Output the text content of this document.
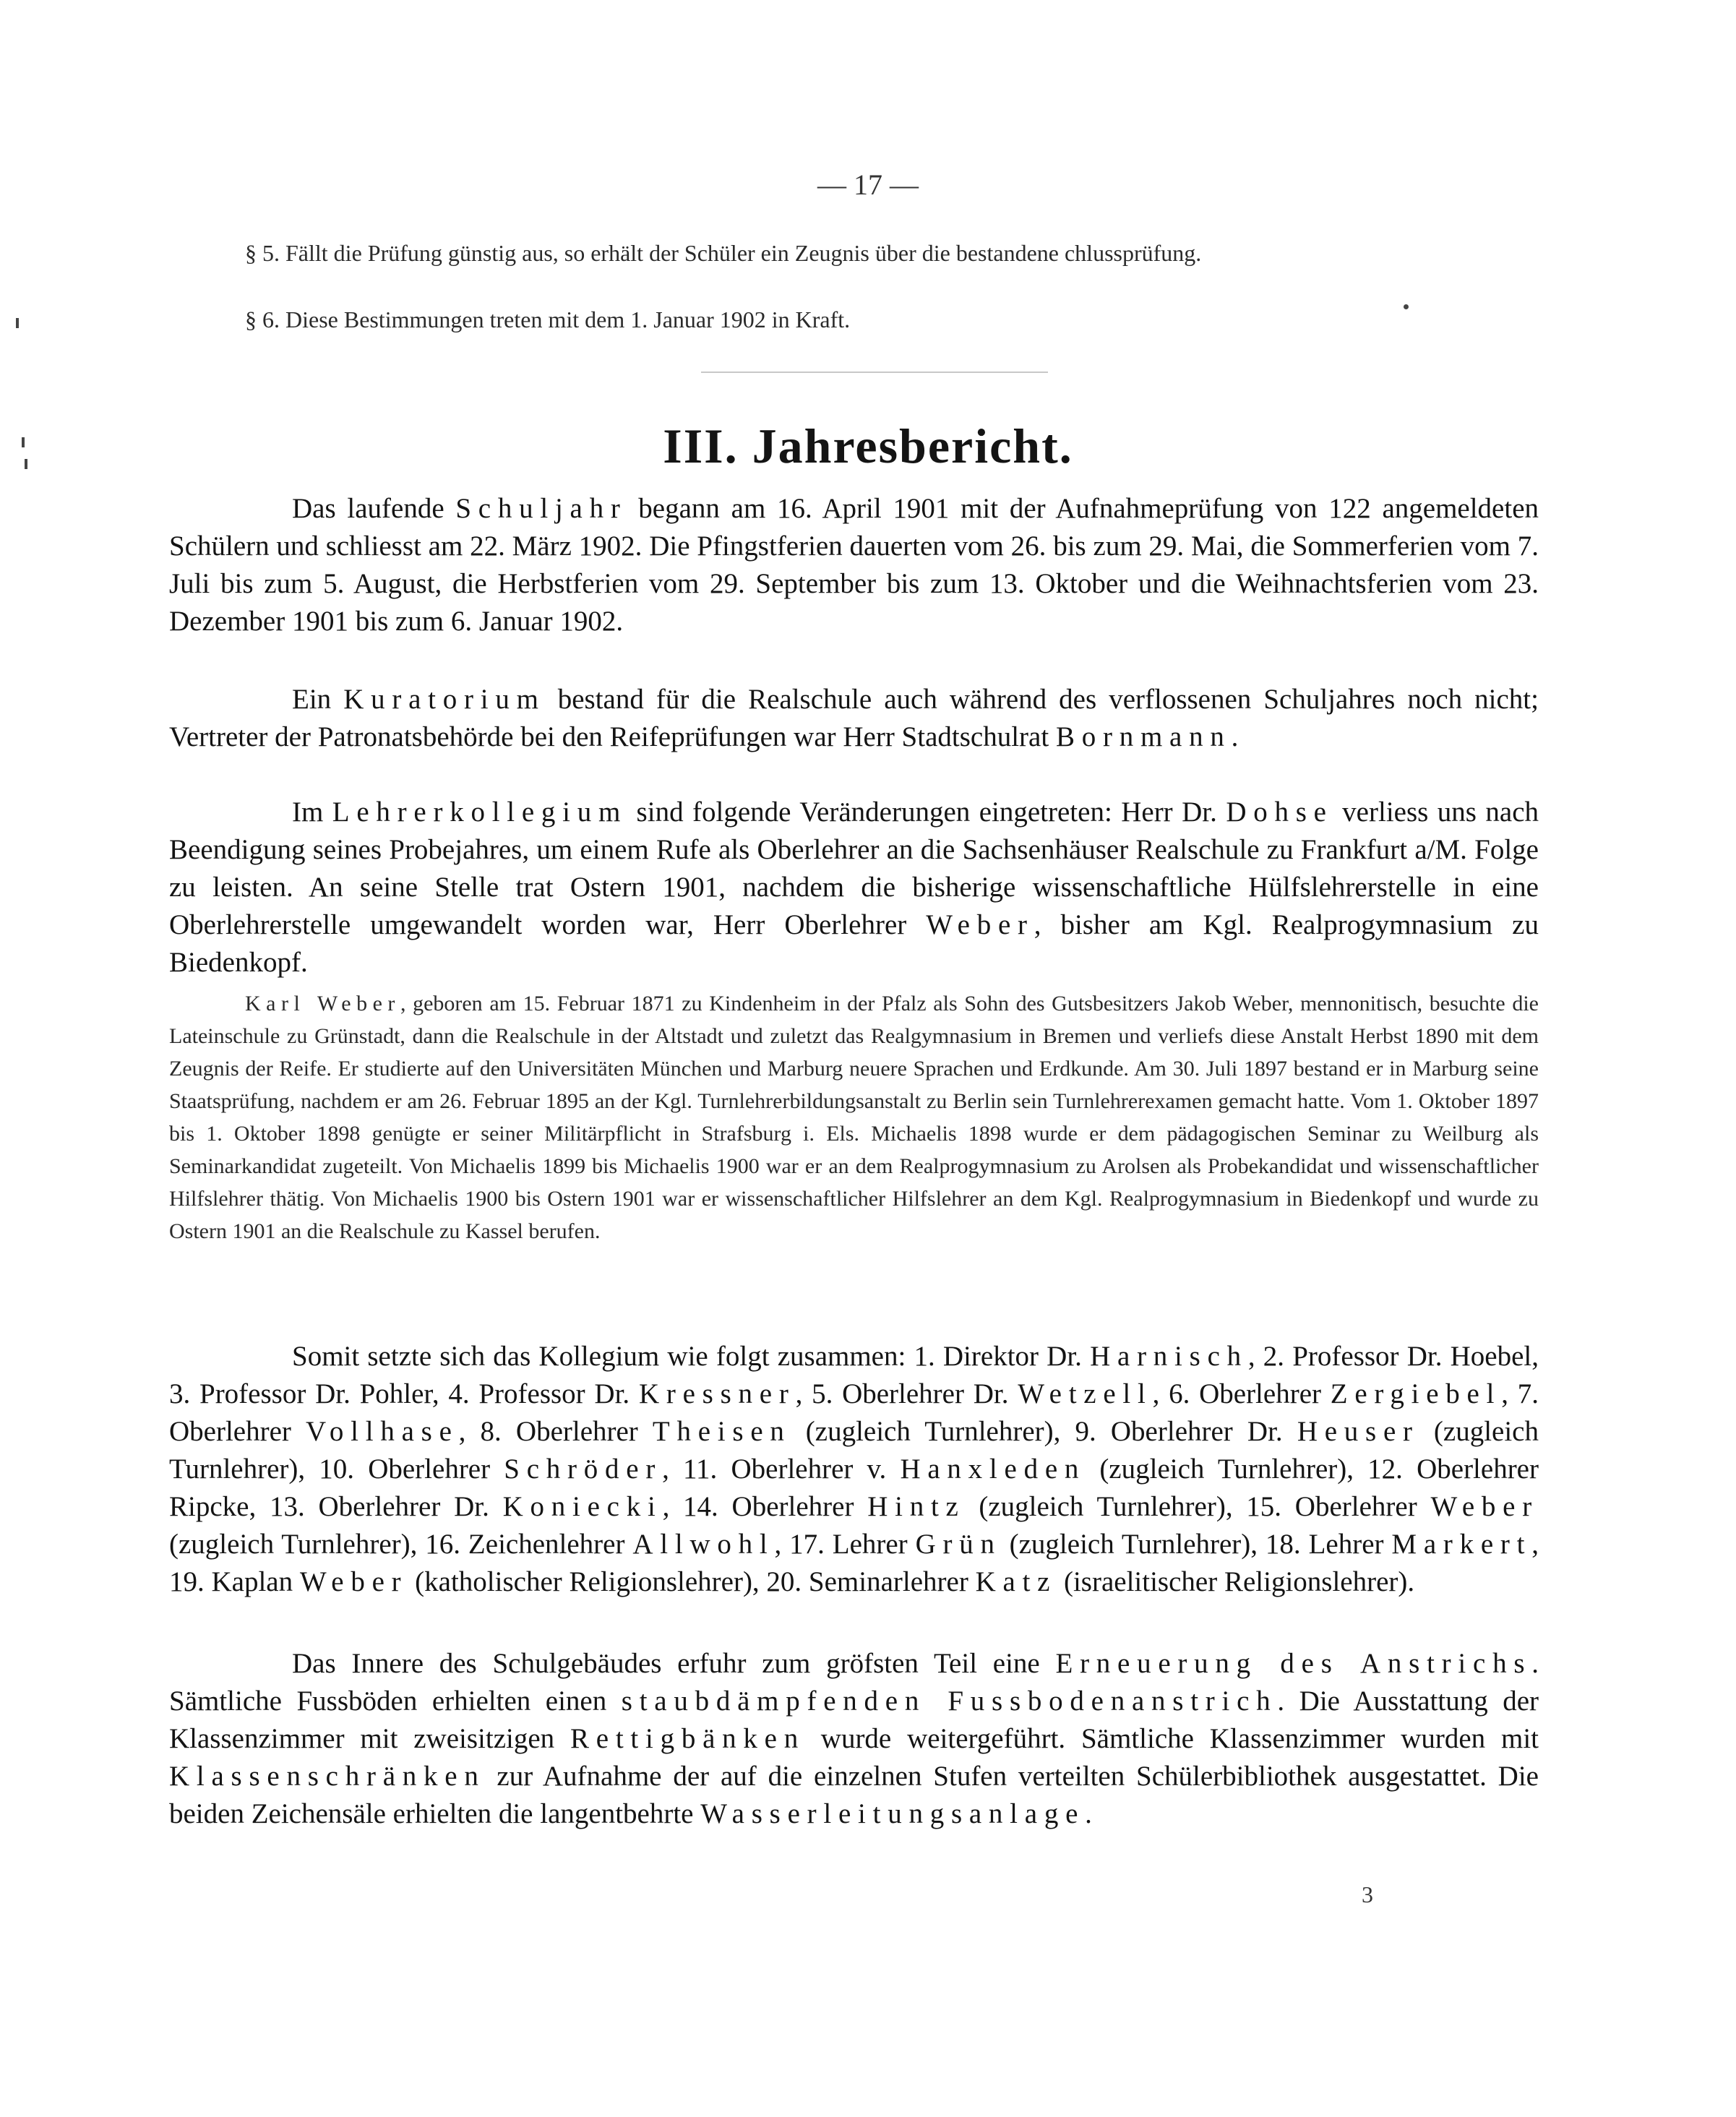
— 17 —

§ 5. Fällt die Prüfung günstig aus, so erhält der Schüler ein Zeugnis über die bestandene chlussprüfung.

§ 6. Diese Bestimmungen treten mit dem 1. Januar 1902 in Kraft.

III. Jahresbericht.

Das laufende Schuljahr begann am 16. April 1901 mit der Aufnahmeprüfung von 122 angemeldeten Schülern und schliesst am 22. März 1902. Die Pfingstferien dauerten vom 26. bis zum 29. Mai, die Sommerferien vom 7. Juli bis zum 5. August, die Herbstferien vom 29. September bis zum 13. Oktober und die Weihnachtsferien vom 23. Dezember 1901 bis zum 6. Januar 1902.

Ein Kuratorium bestand für die Realschule auch während des verflossenen Schuljahres noch nicht; Vertreter der Patronatsbehörde bei den Reifeprüfungen war Herr Stadtschulrat Bornmann.

Im Lehrerkollegium sind folgende Veränderungen eingetreten: Herr Dr. Dohse verliess uns nach Beendigung seines Probejahres, um einem Rufe als Oberlehrer an die Sachsenhäuser Realschule zu Frankfurt a/M. Folge zu leisten. An seine Stelle trat Ostern 1901, nachdem die bisherige wissenschaftliche Hülfslehrerstelle in eine Oberlehrerstelle umgewandelt worden war, Herr Oberlehrer Weber, bisher am Kgl. Realprogymnasium zu Biedenkopf.

Karl Weber, geboren am 15. Februar 1871 zu Kindenheim in der Pfalz als Sohn des Gutsbesitzers Jakob Weber, mennonitisch, besuchte die Lateinschule zu Grünstadt, dann die Realschule in der Altstadt und zuletzt das Realgymnasium in Bremen und verliefs diese Anstalt Herbst 1890 mit dem Zeugnis der Reife. Er studierte auf den Universitäten München und Marburg neuere Sprachen und Erdkunde. Am 30. Juli 1897 bestand er in Marburg seine Staatsprüfung, nachdem er am 26. Februar 1895 an der Kgl. Turnlehrerbildungsanstalt zu Berlin sein Turnlehrerexamen gemacht hatte. Vom 1. Oktober 1897 bis 1. Oktober 1898 genügte er seiner Militärpflicht in Strafsburg i. Els. Michaelis 1898 wurde er dem pädagogischen Seminar zu Weilburg als Seminarkandidat zugeteilt. Von Michaelis 1899 bis Michaelis 1900 war er an dem Realprogymnasium zu Arolsen als Probekandidat und wissenschaftlicher Hilfslehrer thätig. Von Michaelis 1900 bis Ostern 1901 war er wissenschaftlicher Hilfslehrer an dem Kgl. Realprogymnasium in Biedenkopf und wurde zu Ostern 1901 an die Realschule zu Kassel berufen.

Somit setzte sich das Kollegium wie folgt zusammen: 1. Direktor Dr. Harnisch, 2. Professor Dr. Hoebel, 3. Professor Dr. Pohler, 4. Professor Dr. Kressner, 5. Oberlehrer Dr. Wetzell, 6. Oberlehrer Zergiebel, 7. Oberlehrer Vollhase, 8. Oberlehrer Theisen (zugleich Turnlehrer), 9. Oberlehrer Dr. Heuser (zugleich Turnlehrer), 10. Oberlehrer Schröder, 11. Oberlehrer v. Hanxleden (zugleich Turnlehrer), 12. Oberlehrer Ripcke, 13. Oberlehrer Dr. Koniecki, 14. Oberlehrer Hintz (zugleich Turnlehrer), 15. Oberlehrer Weber (zugleich Turnlehrer), 16. Zeichenlehrer Allwohl, 17. Lehrer Grün (zugleich Turnlehrer), 18. Lehrer Markert, 19. Kaplan Weber (katholischer Religionslehrer), 20. Seminarlehrer Katz (israelitischer Religionslehrer).

Das Innere des Schulgebäudes erfuhr zum gröfsten Teil eine Erneuerung des Anstrichs. Sämtliche Fussböden erhielten einen staubdämpfenden Fussbodenanstrich. Die Ausstattung der Klassenzimmer mit zweisitzigen Rettigbänken wurde weitergeführt. Sämtliche Klassenzimmer wurden mit Klassenschränken zur Aufnahme der auf die einzelnen Stufen verteilten Schülerbibliothek ausgestattet. Die beiden Zeichensäle erhielten die langentbehrte Wasserleitungsanlage.

3
